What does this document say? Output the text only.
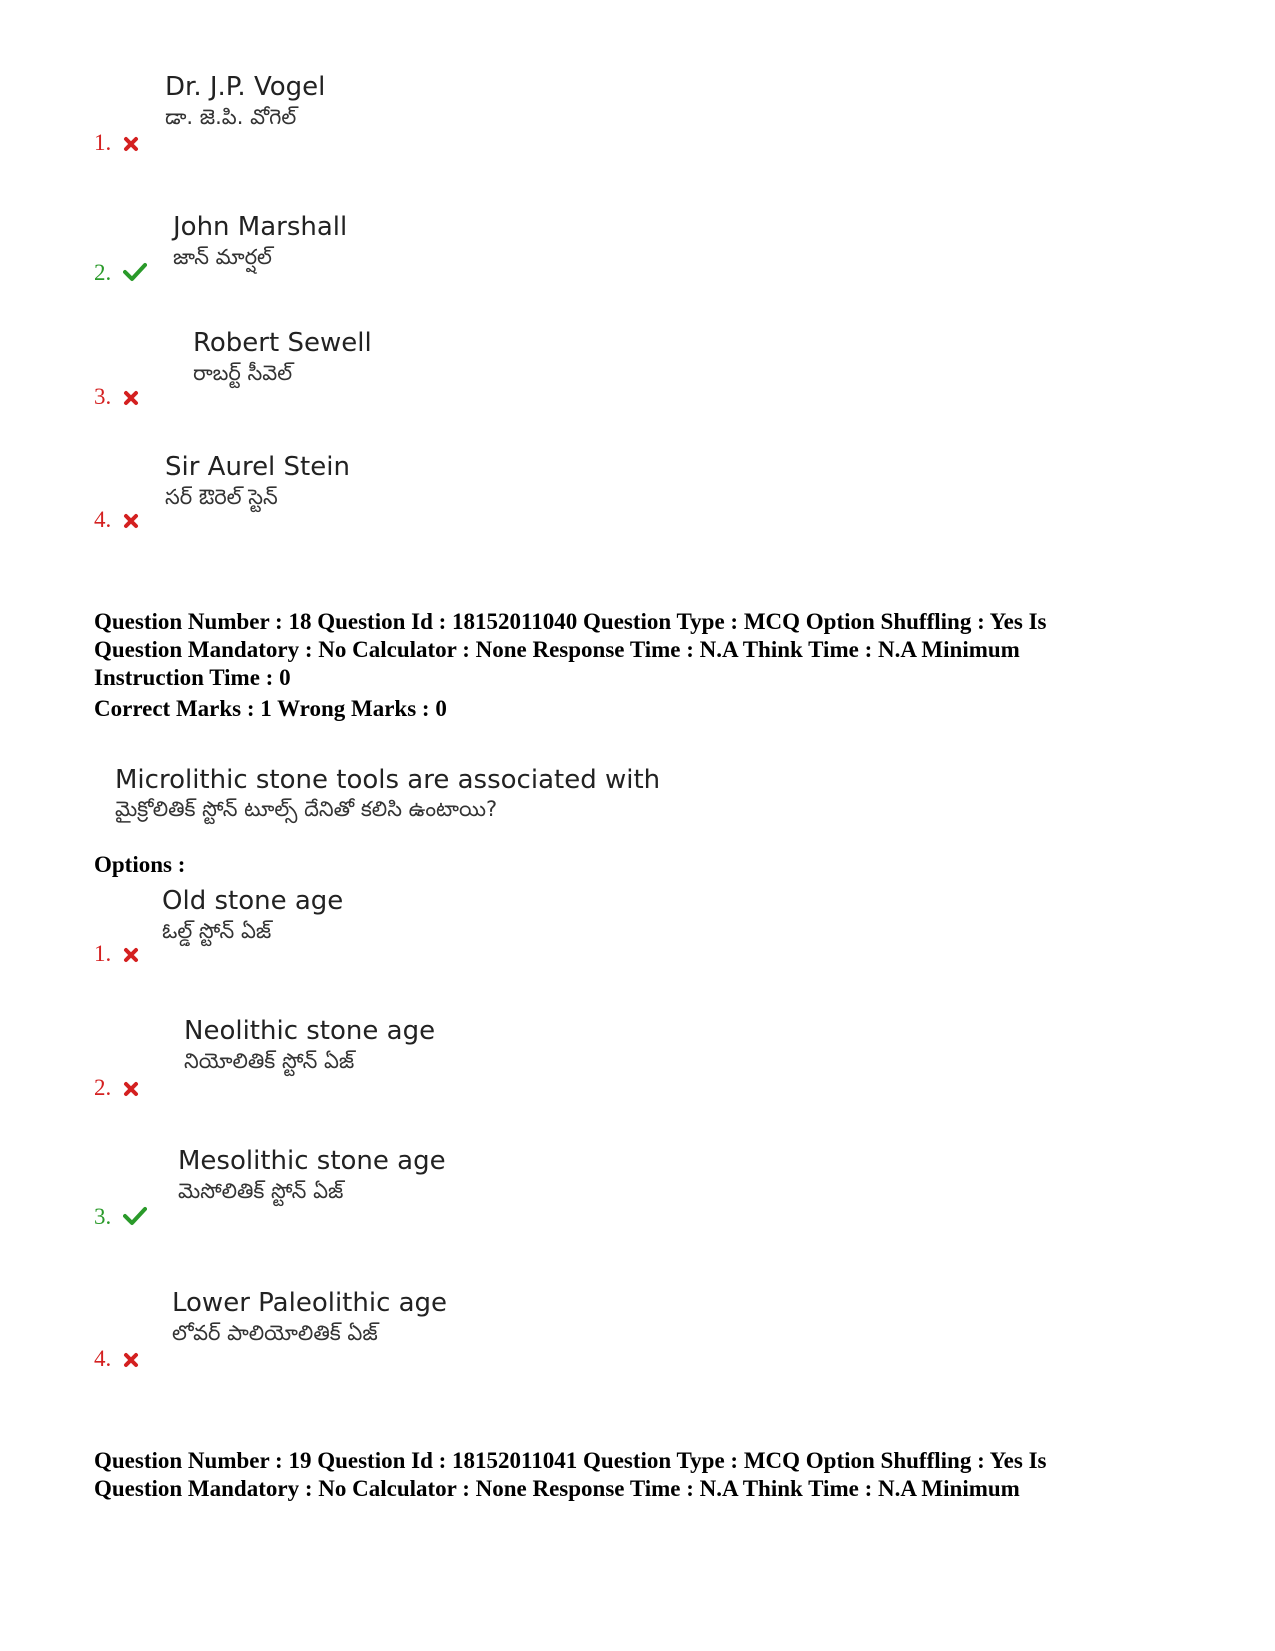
Dr. J.P. Vogel
డా. జె.పి. వోగెల్
1.
John Marshall
జాన్ మార్షల్
2.
Robert Sewell
రాబర్ట్ సీవెల్
3.
Sir Aurel Stein
సర్ ఔరెల్ స్టెన్
4.
Question Number : 18 Question Id : 18152011040 Question Type : MCQ Option Shuffling : Yes Is
Question Mandatory : No Calculator : None Response Time : N.A Think Time : N.A Minimum
Instruction Time : 0
Correct Marks : 1 Wrong Marks : 0
Microlithic stone tools are associated with
మైక్రోలితిక్ స్టోన్ టూల్స్ దేనితో కలిసి ఉంటాయి?
Options :
Old stone age
ఓల్డ్ స్టోన్ ఏజ్
1.
Neolithic stone age
నియోలితిక్ స్టోన్ ఏజ్
2.
Mesolithic stone age
మెసోలితిక్ స్టోన్ ఏజ్
3.
Lower Paleolithic age
లోవర్ పాలియోలితిక్ ఏజ్
4.
Question Number : 19 Question Id : 18152011041 Question Type : MCQ Option Shuffling : Yes Is
Question Mandatory : No Calculator : None Response Time : N.A Think Time : N.A Minimum
